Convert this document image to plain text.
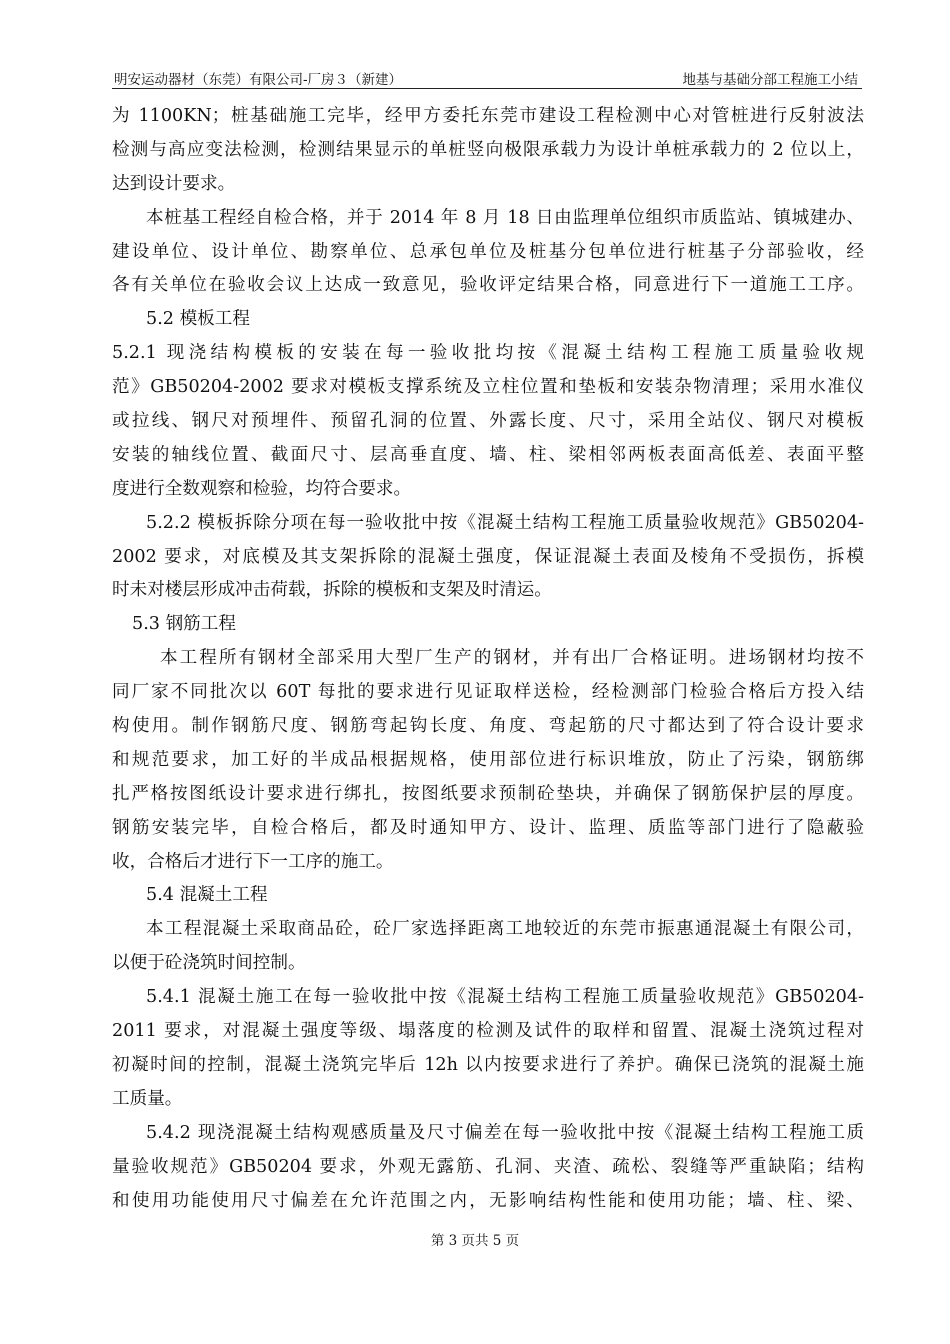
明安运动器材（东莞）有限公司-厂房３（新建）	地基与基础分部工程施工小结
为 1100KN；桩基础施工完毕，经甲方委托东莞市建设工程检测中心对管桩进行反射波法
检测与高应变法检测，检测结果显示的单桩竖向极限承载力为设计单桩承载力的 2 位以上，
达到设计要求。
本桩基工程经自检合格，并于 2014 年 8 月 18 日由监理单位组织市质监站、镇城建办、
建设单位、设计单位、勘察单位、总承包单位及桩基分包单位进行桩基子分部验收，经
各有关单位在验收会议上达成一致意见，验收评定结果合格，同意进行下一道施工工序。
5.2 模板工程
5.2.1 现浇结构模板的安装在每一验收批均按《混凝土结构工程施工质量验收规
范》GB50204-2002 要求对模板支撑系统及立柱位置和垫板和安装杂物清理；采用水准仪
或拉线、钢尺对预埋件、预留孔洞的位置、外露长度、尺寸，采用全站仪、钢尺对模板
安装的轴线位置、截面尺寸、层高垂直度、墙、柱、梁相邻两板表面高低差、表面平整
度进行全数观察和检验，均符合要求。
5.2.2 模板拆除分项在每一验收批中按《混凝土结构工程施工质量验收规范》GB50204-
2002 要求，对底模及其支架拆除的混凝土强度，保证混凝土表面及棱角不受损伤，拆模
时未对楼层形成冲击荷载，拆除的模板和支架及时清运。
5.3 钢筋工程
本工程所有钢材全部采用大型厂生产的钢材，并有出厂合格证明。进场钢材均按不
同厂家不同批次以 60T 每批的要求进行见证取样送检，经检测部门检验合格后方投入结
构使用。制作钢筋尺度、钢筋弯起钩长度、角度、弯起筋的尺寸都达到了符合设计要求
和规范要求，加工好的半成品根据规格，使用部位进行标识堆放，防止了污染，钢筋绑
扎严格按图纸设计要求进行绑扎，按图纸要求预制砼垫块，并确保了钢筋保护层的厚度。
钢筋安装完毕，自检合格后，都及时通知甲方、设计、监理、质监等部门进行了隐蔽验
收，合格后才进行下一工序的施工。
5.4 混凝土工程
本工程混凝土采取商品砼，砼厂家选择距离工地较近的东莞市振惠通混凝土有限公司，
以便于砼浇筑时间控制。
5.4.1 混凝土施工在每一验收批中按《混凝土结构工程施工质量验收规范》GB50204-
2011 要求，对混凝土强度等级、塌落度的检测及试件的取样和留置、混凝土浇筑过程对
初凝时间的控制，混凝土浇筑完毕后 12h 以内按要求进行了养护。确保已浇筑的混凝土施
工质量。
5.4.2 现浇混凝土结构观感质量及尺寸偏差在每一验收批中按《混凝土结构工程施工质
量验收规范》GB50204 要求，外观无露筋、孔洞、夹渣、疏松、裂缝等严重缺陷；结构
和使用功能使用尺寸偏差在允许范围之内，无影响结构性能和使用功能；墙、柱、梁、
第 3 页共 5 页
